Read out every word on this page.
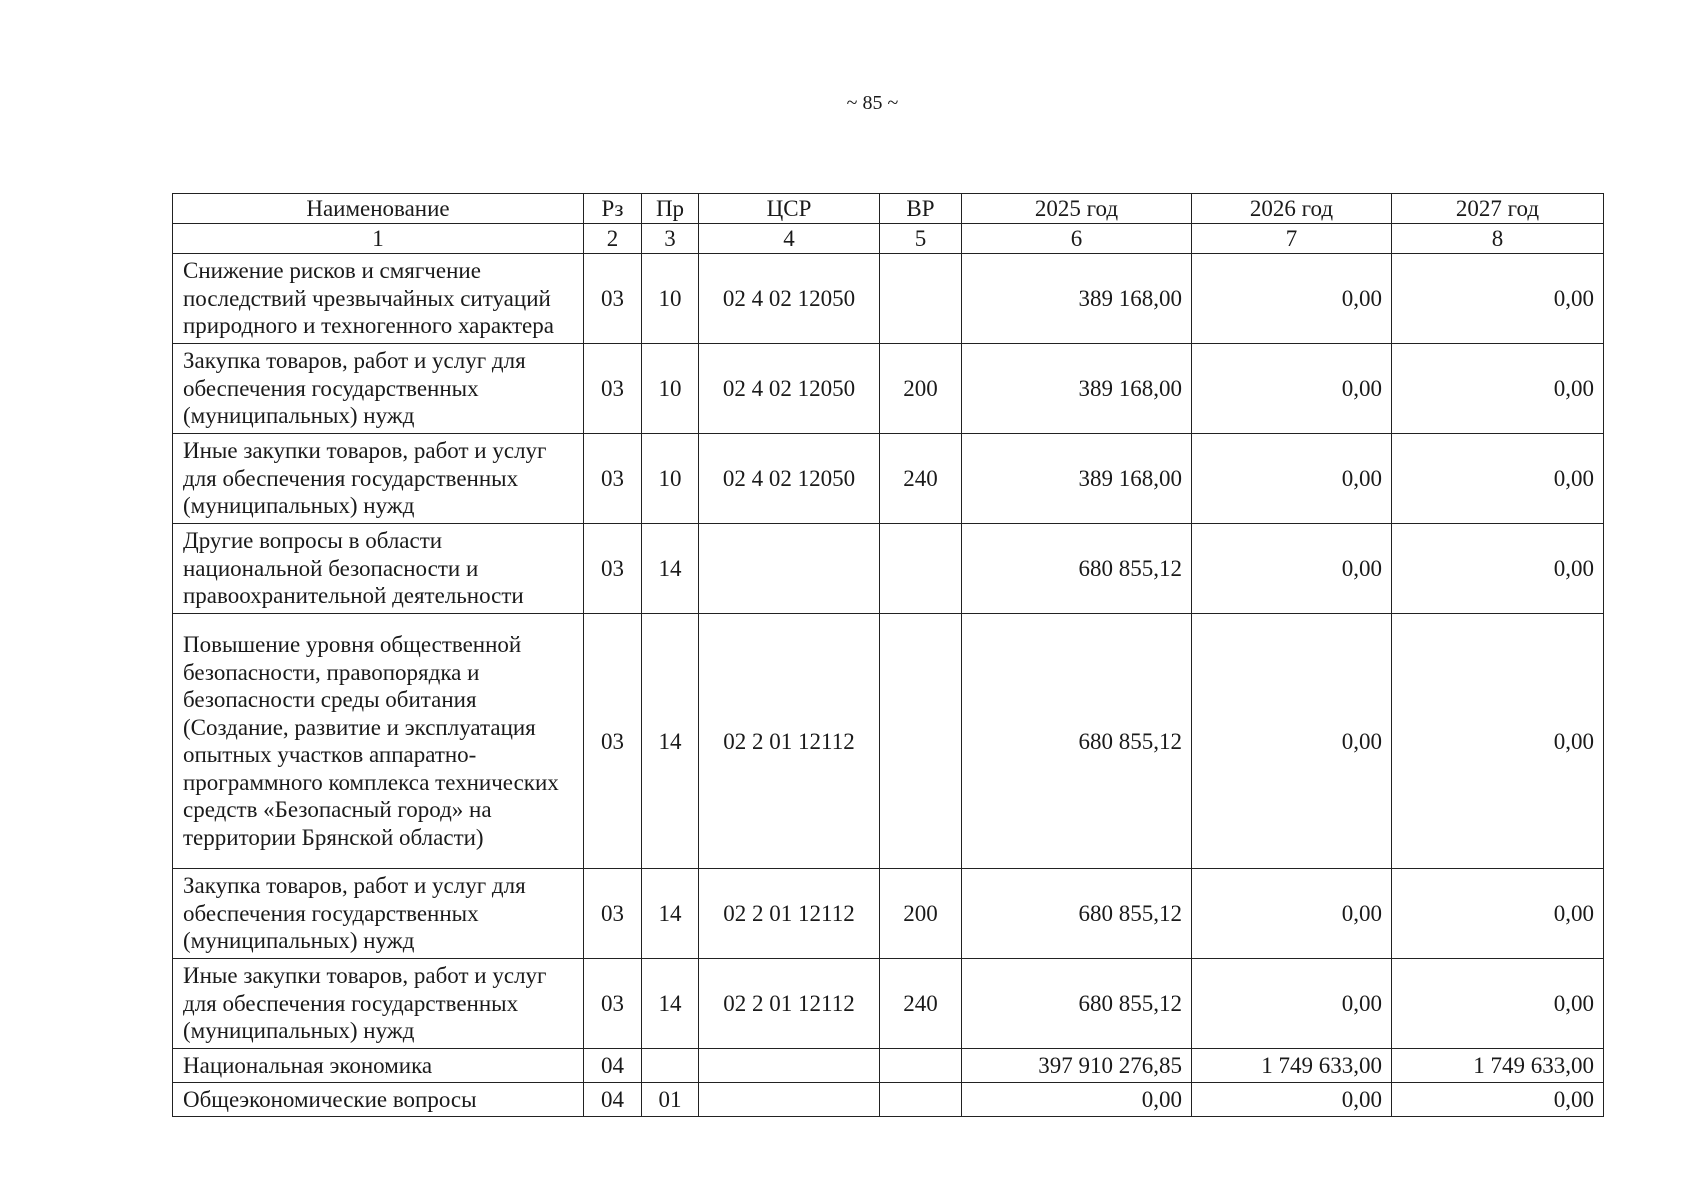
~ 85 ~
Наименование	Рз	Пр	ЦСР	ВР	2025 год	2026 год	2027 год
1	2	3	4	5	6	7	8
Снижение рисков и смягчение последствий чрезвычайных ситуаций природного и техногенного характера	03	10	02 4 02 12050		389 168,00	0,00	0,00
Закупка товаров, работ и услуг для обеспечения государственных (муниципальных) нужд	03	10	02 4 02 12050	200	389 168,00	0,00	0,00
Иные закупки товаров, работ и услуг для обеспечения государственных (муниципальных) нужд	03	10	02 4 02 12050	240	389 168,00	0,00	0,00
Другие вопросы в области национальной безопасности и правоохранительной деятельности	03	14			680 855,12	0,00	0,00
Повышение уровня общественной безопасности, правопорядка и безопасности среды обитания (Создание, развитие и эксплуатация опытных участков аппаратно-программного комплекса технических средств «Безопасный город» на территории Брянской области)	03	14	02 2 01 12112		680 855,12	0,00	0,00
Закупка товаров, работ и услуг для обеспечения государственных (муниципальных) нужд	03	14	02 2 01 12112	200	680 855,12	0,00	0,00
Иные закупки товаров, работ и услуг для обеспечения государственных (муниципальных) нужд	03	14	02 2 01 12112	240	680 855,12	0,00	0,00
Национальная экономика	04				397 910 276,85	1 749 633,00	1 749 633,00
Общеэкономические вопросы	04	01			0,00	0,00	0,00
